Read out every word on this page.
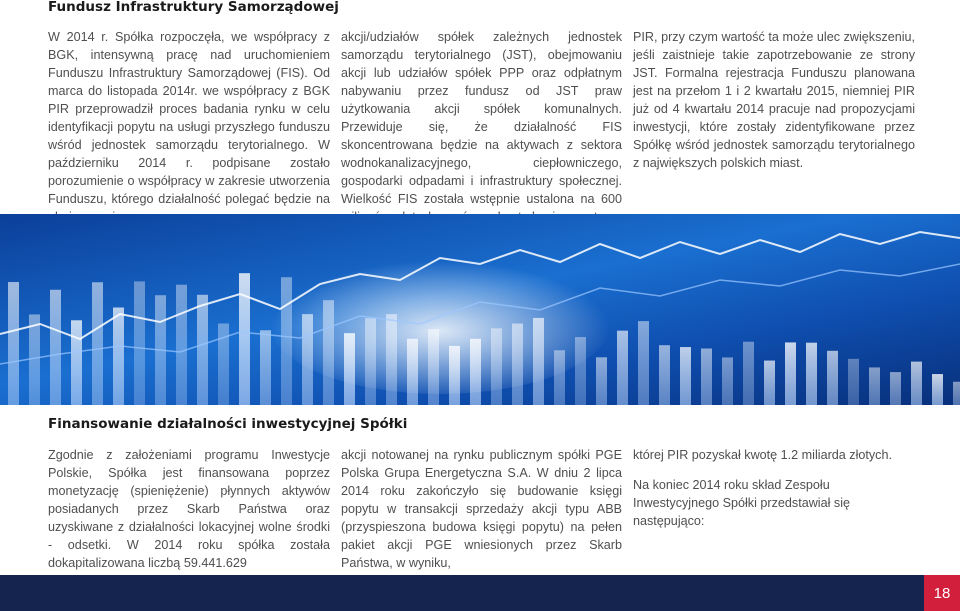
Fundusz Infrastruktury Samorządowej
W 2014 r. Spółka rozpoczęła, we współpracy z BGK, intensywną pracę nad uruchomieniem Funduszu Infrastruktury Samorządowej (FIS). Od marca do listopada 2014r. we współpracy z BGK PIR przeprowadził proces badania rynku w celu identyfikacji popytu na usługi przyszłego funduszu wśród jednostek samorządu terytorialnego. W październiku 2014 r. podpisane zostało porozumienie o współpracy w zakresie utworzenia Funduszu, którego działalność polegać będzie na
akcji/udziałów spółek zależnych jednostek samorządu terytorialnego (JST), obejmowaniu akcji lub udziałów spółek PPP oraz odpłatnym nabywaniu przez fundusz od JST praw użytkowania akcji spółek komunalnych. Przewiduje się, że działalność FIS skoncentrowana będzie na aktywach z sektora wodnokanalizacyjnego, ciepłowniczego, gospodarki odpadami i infrastruktury społecznej. Wielkość FIS została wstępnie ustalona na 600
PIR, przy czym wartość ta może ulec zwiększeniu, jeśli zaistnieje takie zapotrzebowanie ze strony JST. Formalna rejestracja Funduszu planowana jest na przełom 1 i 2 kwartału 2015, niemniej PIR już od 4 kwartału 2014 pracuje nad propozycjami inwestycji, które zostały zidentyfikowane przez Spółkę wśród jednostek samorządu terytorialnego z największych polskich miast.
Finansowanie działalności inwestycyjnej Spółki
Zgodnie z założeniami programu Inwestycje Polskie, Spółka jest finansowana poprzez monetyzację (spieniężenie) płynnych aktywów posiadanych przez Skarb Państwa oraz uzyskiwane z działalności lokacyjnej wolne środki - odsetki. W 2014 roku spółka została dokapitalizowana liczbą 59.441.629
akcji notowanej na rynku publicznym spółki PGE Polska Grupa Energetyczna S.A. W dniu 2 lipca 2014 roku zakończyło się budowanie księgi popytu w transakcji sprzedaży akcji typu ABB (przyspieszona budowa księgi popytu) na pełen pakiet akcji PGE wniesionych przez Skarb Państwa, w wyniku,

której PIR pozyskał kwotę 1.2 miliarda złotych.

Na koniec 2014 roku skład Zespołu Inwestycyjnego Spółki przedstawiał się następująco:

18
